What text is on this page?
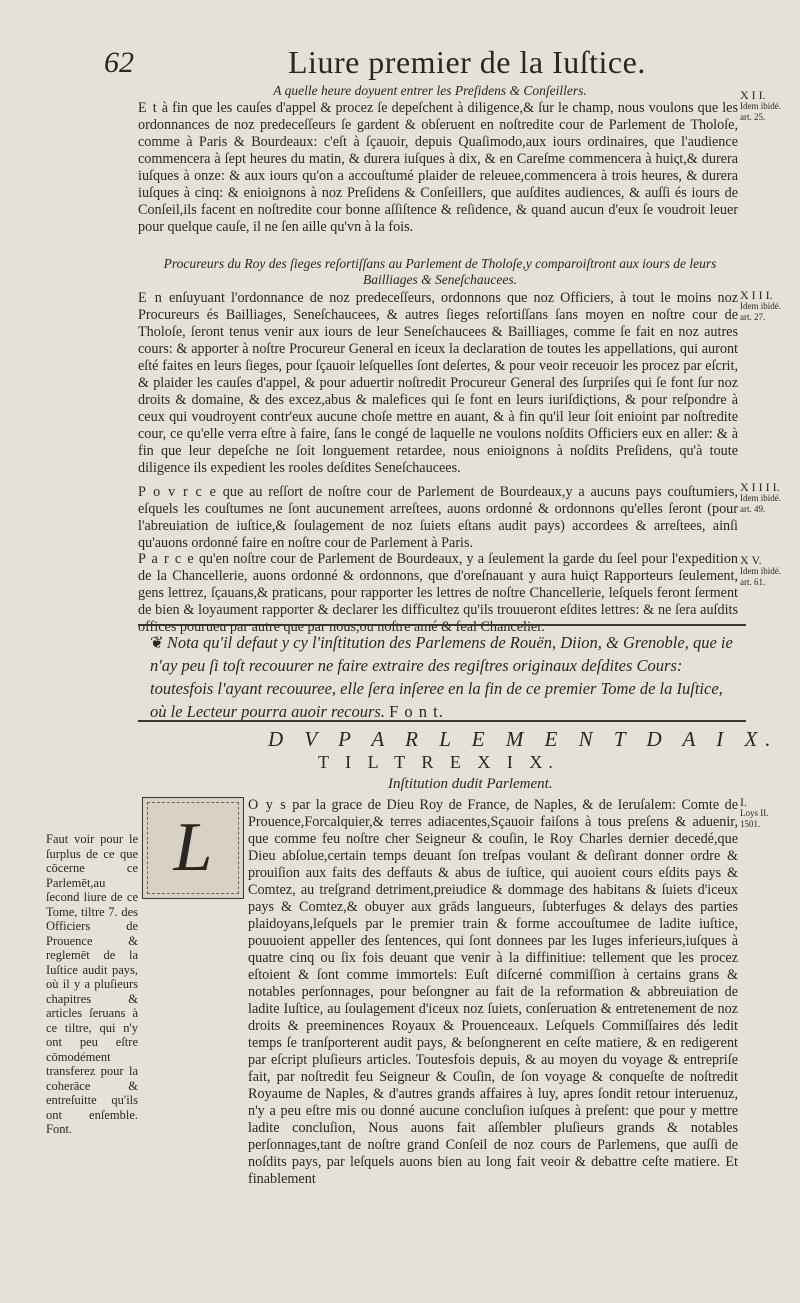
62	Liure premier de la Iuſtice.
A quelle heure doyuent entrer les Preſidens & Conſeillers.

E t à fin que les cauſes d'appel & procez ſe depeſchent à diligence,& ſur le champ, nous voulons que les ordonnances de noz predeceſſeurs ſe gardent & obſeruent en noſtredite cour de Parlement de Tholoſe, comme à Paris & Bourdeaux: c'eſt à ſçauoir, depuis Quaſimodo,aux iours ordinaires, que l'audience commencera à ſept heures du matin, & durera iuſques à dix, & en Careſme commencera à huiςt,& durera iuſques à onze: & aux iours qu'on a accouſtumé plaider de releuee,commencera à trois heures, & durera iuſques à cinq: & enioignons à noz Preſidens & Conſeillers, que auſdites audiences, & auſſi és iours de Conſeil,ils facent en noſtredite cour bonne aſſiſtence & reſidence, & quand aucun d'eux ſe voudroit leuer pour quelque cauſe, il ne ſen aille qu'vn à la fois.

X I I.
Idem ibidé.
art. 25.
Procureurs du Roy des ſieges reſortiſſans au Parlement de Tholoſe,y comparoiſtront aux iours de leurs Bailliages & Seneſchaucees.

E n enſuyuant l'ordonnance de noz predeceſſeurs, ordonnons que noz Officiers, à tout le moins noz Procureurs és Bailliages, Seneſchaucees, & autres ſieges reſortiſſans ſans moyen en noſtre cour de Tholoſe, ſeront tenus venir aux iours de leur Seneſchaucees & Bailliages, comme ſe fait en noz autres cours: & apporter à noſtre Procureur General en iceux la declaration de toutes les appellations, qui auront eſté faites en leurs ſieges, pour ſçauoir leſquelles ſont deſertes, & pour veoir receuoir les procez par eſcrit, & plaider les cauſes d'appel, & pour aduertir noſtredit Procureur General des ſurpriſes qui ſe font ſur noz droits & domaine, & des excez,abus & malefices qui ſe font en leurs iuriſdiςtions, & pour reſpondre à ceux qui voudroyent contr'eux aucune choſe mettre en auant, & à fin qu'il leur ſoit enioint par noſtredite cour, ce qu'elle verra eſtre à faire, ſans le congé de laquelle ne voulons noſdits Officiers eux en aller: & à fin que leur depeſche ne ſoit longuement retardee, nous enioignons à noſdits Preſidens, qu'à toute diligence ils expedient les rooles deſdites Seneſchaucees.

X I I I.
Idem ibidé.
art. 27.

P o v r c e que au reſſort de noſtre cour de Parlement de Bourdeaux,y a aucuns pays couſtumiers, eſquels les couſtumes ne ſont aucunement arreſtees, auons ordonné & ordonnons qu'elles ſeront (pour l'abreuiation de iuſtice,& ſoulagement de noz ſuiets eſtans audit pays) accordees & arreſtees, ainſi qu'auons ordonné faire en noſtre cour de Parlement à Paris.

X I I I I.
Idem ibidé.
art. 49.

P a r c e qu'en noſtre cour de Parlement de Bourdeaux, y a ſeulement la garde du ſeel pour l'expedition de la Chancellerie, auons ordonné & ordonnons, que d'oreſnauant y aura huiςt Rapporteurs ſeulement, gens lettrez, ſçauans,& praticans, pour rapporter les lettres de noſtre Chancellerie, leſquels feront ſerment de bien & loyaument rapporter & declarer les difficultez qu'ils trouueront eſdites lettres: & ne ſera auſdits offices pourueu par autre que par nous,ou noſtre amé & feal Chancelier.

X V.
Idem ibidé.
art. 61.

❦ Nota qu'il defaut y cy l'inſtitution des Parlemens de Rouën, Diion, & Grenoble, que ie n'ay peu ſi toſt recouurer ne faire extraire des regiſtres originaux deſdites Cours: toutesfois l'ayant recouuree, elle ſera inſeree en la fin de ce premier Tome de la Iuſtice, où le Lecteur pourra auoir recours. F o n t.

D V P A R L E M E N T D A I X.
T I L T R E X I X.
Inſtitution dudit Parlement.
L

O y s par la grace de Dieu Roy de France, de Naples, & de Ieruſalem: Comte de Prouence,Forcalquier,& terres adiacentes,Sçauoir faiſons à tous preſens & aduenir, que comme feu noſtre cher Seigneur & couſin, le Roy Charles dernier decedé,que Dieu abſolue,certain temps deuant ſon treſpas voulant & deſirant donner ordre & prouiſion aux faits des deffauts & abus de iuſtice, qui auoient cours eſdits pays & Comtez, au treſgrand detriment,preiudice & dommage des habitans & ſuiets d'iceux pays & Comtez,& obuyer aux grāds langueurs, ſubterfuges & delays des parties plaidoyans,leſquels par le premier train & forme accouſtumee de ladite iuſtice, pouuoient appeller des ſentences, qui ſont donnees par les Iuges inferieurs,iuſques à quatre cinq ou ſix fois deuant que venir à la diffinitiue: tellement que les procez eſtoient & ſont comme immortels: Euſt diſcerné commiſſion à certains grans & notables perſonnages, pour beſongner au fait de la reformation & abbreuiation de ladite Iuſtice, au ſoulagement d'iceux noz ſuiets, conſeruation & entretenement de noz droits & preeminences Royaux & Prouenceaux. Leſquels Commiſſaires dés ledit temps ſe tranſporterent audit pays, & beſongnerent en ceſte matiere, & en redigerent par eſcript pluſieurs articles. Toutesfois depuis, & au moyen du voyage & entrepriſe fait, par noſtredit feu Seigneur & Couſin, de ſon voyage & conqueſte de noſtredit Royaume de Naples, & d'autres grands affaires à luy, apres ſondit retour interuenuz, n'y a peu eſtre mis ou donné aucune concluſion iuſques à preſent: que pour y mettre ladite concluſion, Nous auons fait aſſembler pluſieurs grands & notables perſonnages,tant de noſtre grand Conſeil de noz cours de Parlemens, que auſſi de noſdits pays, par leſquels auons bien au long fait veoir & debattre ceſte matiere. Et finablement

I.
Loys II.
1501.
Faut voir pour le ſurplus de ce que cōcerne ce Parlemēt,au ſecond liure de ce Tome, tiltre 7. des Officiers de Prouence & reglemēt de la Iuſtice audit pays, où il y a pluſieurs chapitres & articles ſeruans à ce tiltre, qui n'y ont peu eſtre cōmodément transferez pour la coherāce & entreſuitte qu'ils ont enſemble. Font.
